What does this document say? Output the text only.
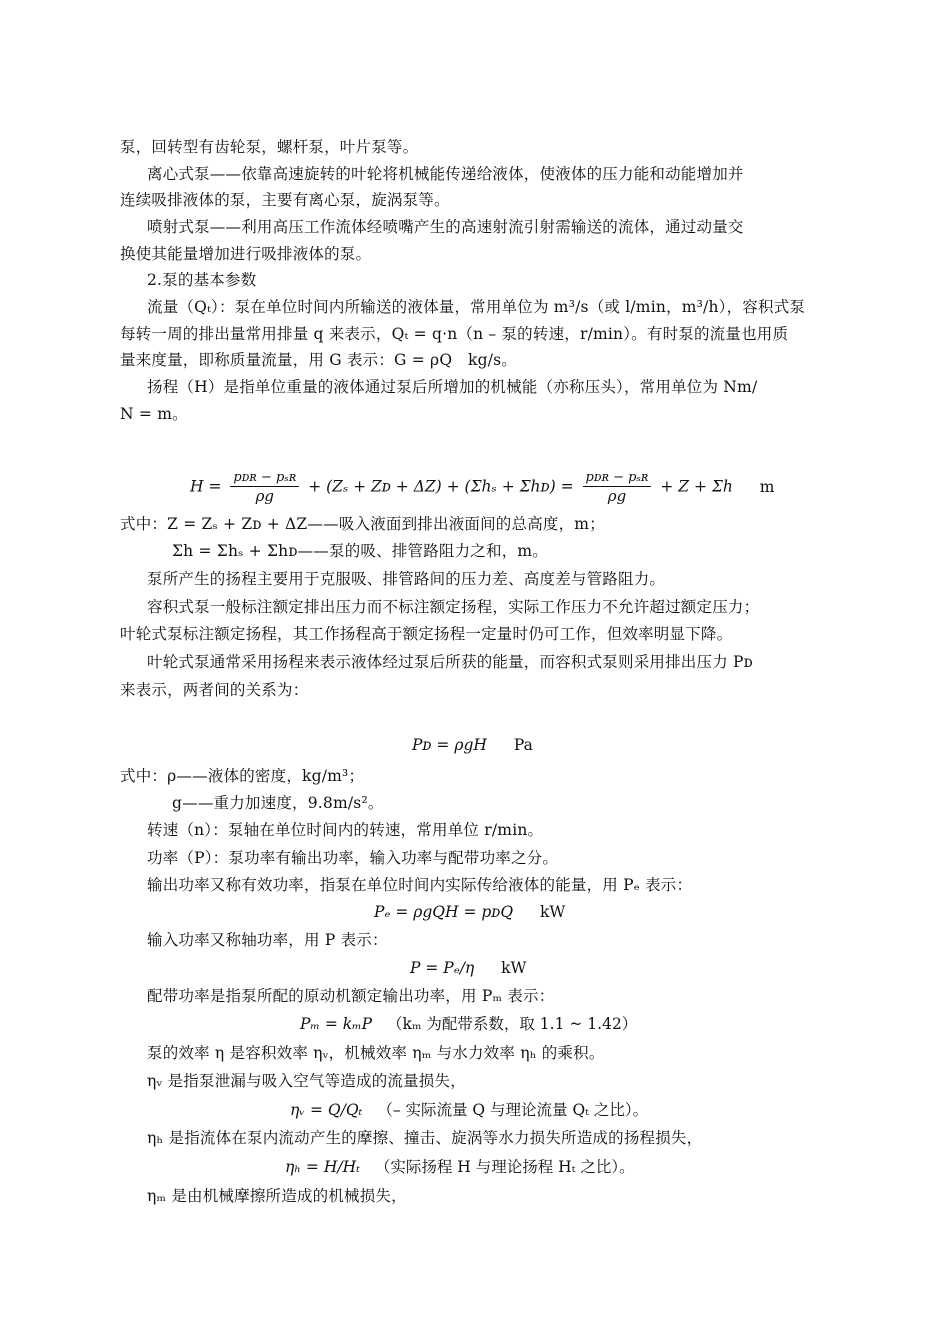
泵，回转型有齿轮泵，螺杆泵，叶片泵等。
离心式泵——依靠高速旋转的叶轮将机械能传递给液体，使液体的压力能和动能增加并
连续吸排液体的泵，主要有离心泵，旋涡泵等。
喷射式泵——利用高压工作流体经喷嘴产生的高速射流引射需输送的流体，通过动量交
换使其能量增加进行吸排液体的泵。
2.泵的基本参数
流量（Qₜ）：泵在单位时间内所输送的液体量，常用单位为 m³/s（或 l/min，m³/h），容积式泵
每转一周的排出量常用排量 q 来表示，Qₜ = q·n（n – 泵的转速，r/min）。有时泵的流量也用质
量来度量，即称质量流量，用 G 表示：G = ρQ　kg/s。
扬程（H）是指单位重量的液体通过泵后所增加的机械能（亦称压头），常用单位为 Nm/
N = m。
$H = \frac{\text{pᴅʀ − pₛʀ}}{\rho g} + (Z_s$ + Zᴅ + ΔZ) + (Σhₛ + Σhᴅ) = $\frac{\text{pᴅʀ − pₛʀ}}{\rho g} + Z + \Sigma h$ m
式中：Z = Zₛ + Zᴅ + ΔZ——吸入液面到排出液面间的总高度，m；
Σh = Σhₛ + Σhᴅ——泵的吸、排管路阻力之和，m。
泵所产生的扬程主要用于克服吸、排管路间的压力差、高度差与管路阻力。
容积式泵一般标注额定排出压力而不标注额定扬程，实际工作压力不允许超过额定压力；
叶轮式泵标注额定扬程，其工作扬程高于额定扬程一定量时仍可工作，但效率明显下降。
叶轮式泵通常采用扬程来表示液体经过泵后所获的能量，而容积式泵则采用排出压力 Pᴅ
来表示，两者间的关系为：
Pᴅ = ρgH Pa
式中：ρ——液体的密度，kg/m³；
g——重力加速度，9.8m/s²。
转速（n）：泵轴在单位时间内的转速，常用单位 r/min。
功率（P）：泵功率有输出功率，输入功率与配带功率之分。
输出功率又称有效功率，指泵在单位时间内实际传给液体的能量，用 Pₑ 表示：
Pₑ = ρgQH = pᴅQ kW
输入功率又称轴功率，用 P 表示：
P = Pₑ/η kW
配带功率是指泵所配的原动机额定输出功率，用 Pₘ 表示：
Pₘ = kₘP （kₘ 为配带系数，取 1.1 ~ 1.42）
泵的效率 η 是容积效率 ηᵥ，机械效率 ηₘ 与水力效率 ηₕ 的乘积。
ηᵥ 是指泵泄漏与吸入空气等造成的流量损失，
ηᵥ = Q/Qₜ （– 实际流量 Q 与理论流量 Qₜ 之比）。
ηₕ 是指流体在泵内流动产生的摩擦、撞击、旋涡等水力损失所造成的扬程损失，
ηₕ = H/Hₜ （实际扬程 H 与理论扬程 Hₜ 之比）。
ηₘ 是由机械摩擦所造成的机械损失，
